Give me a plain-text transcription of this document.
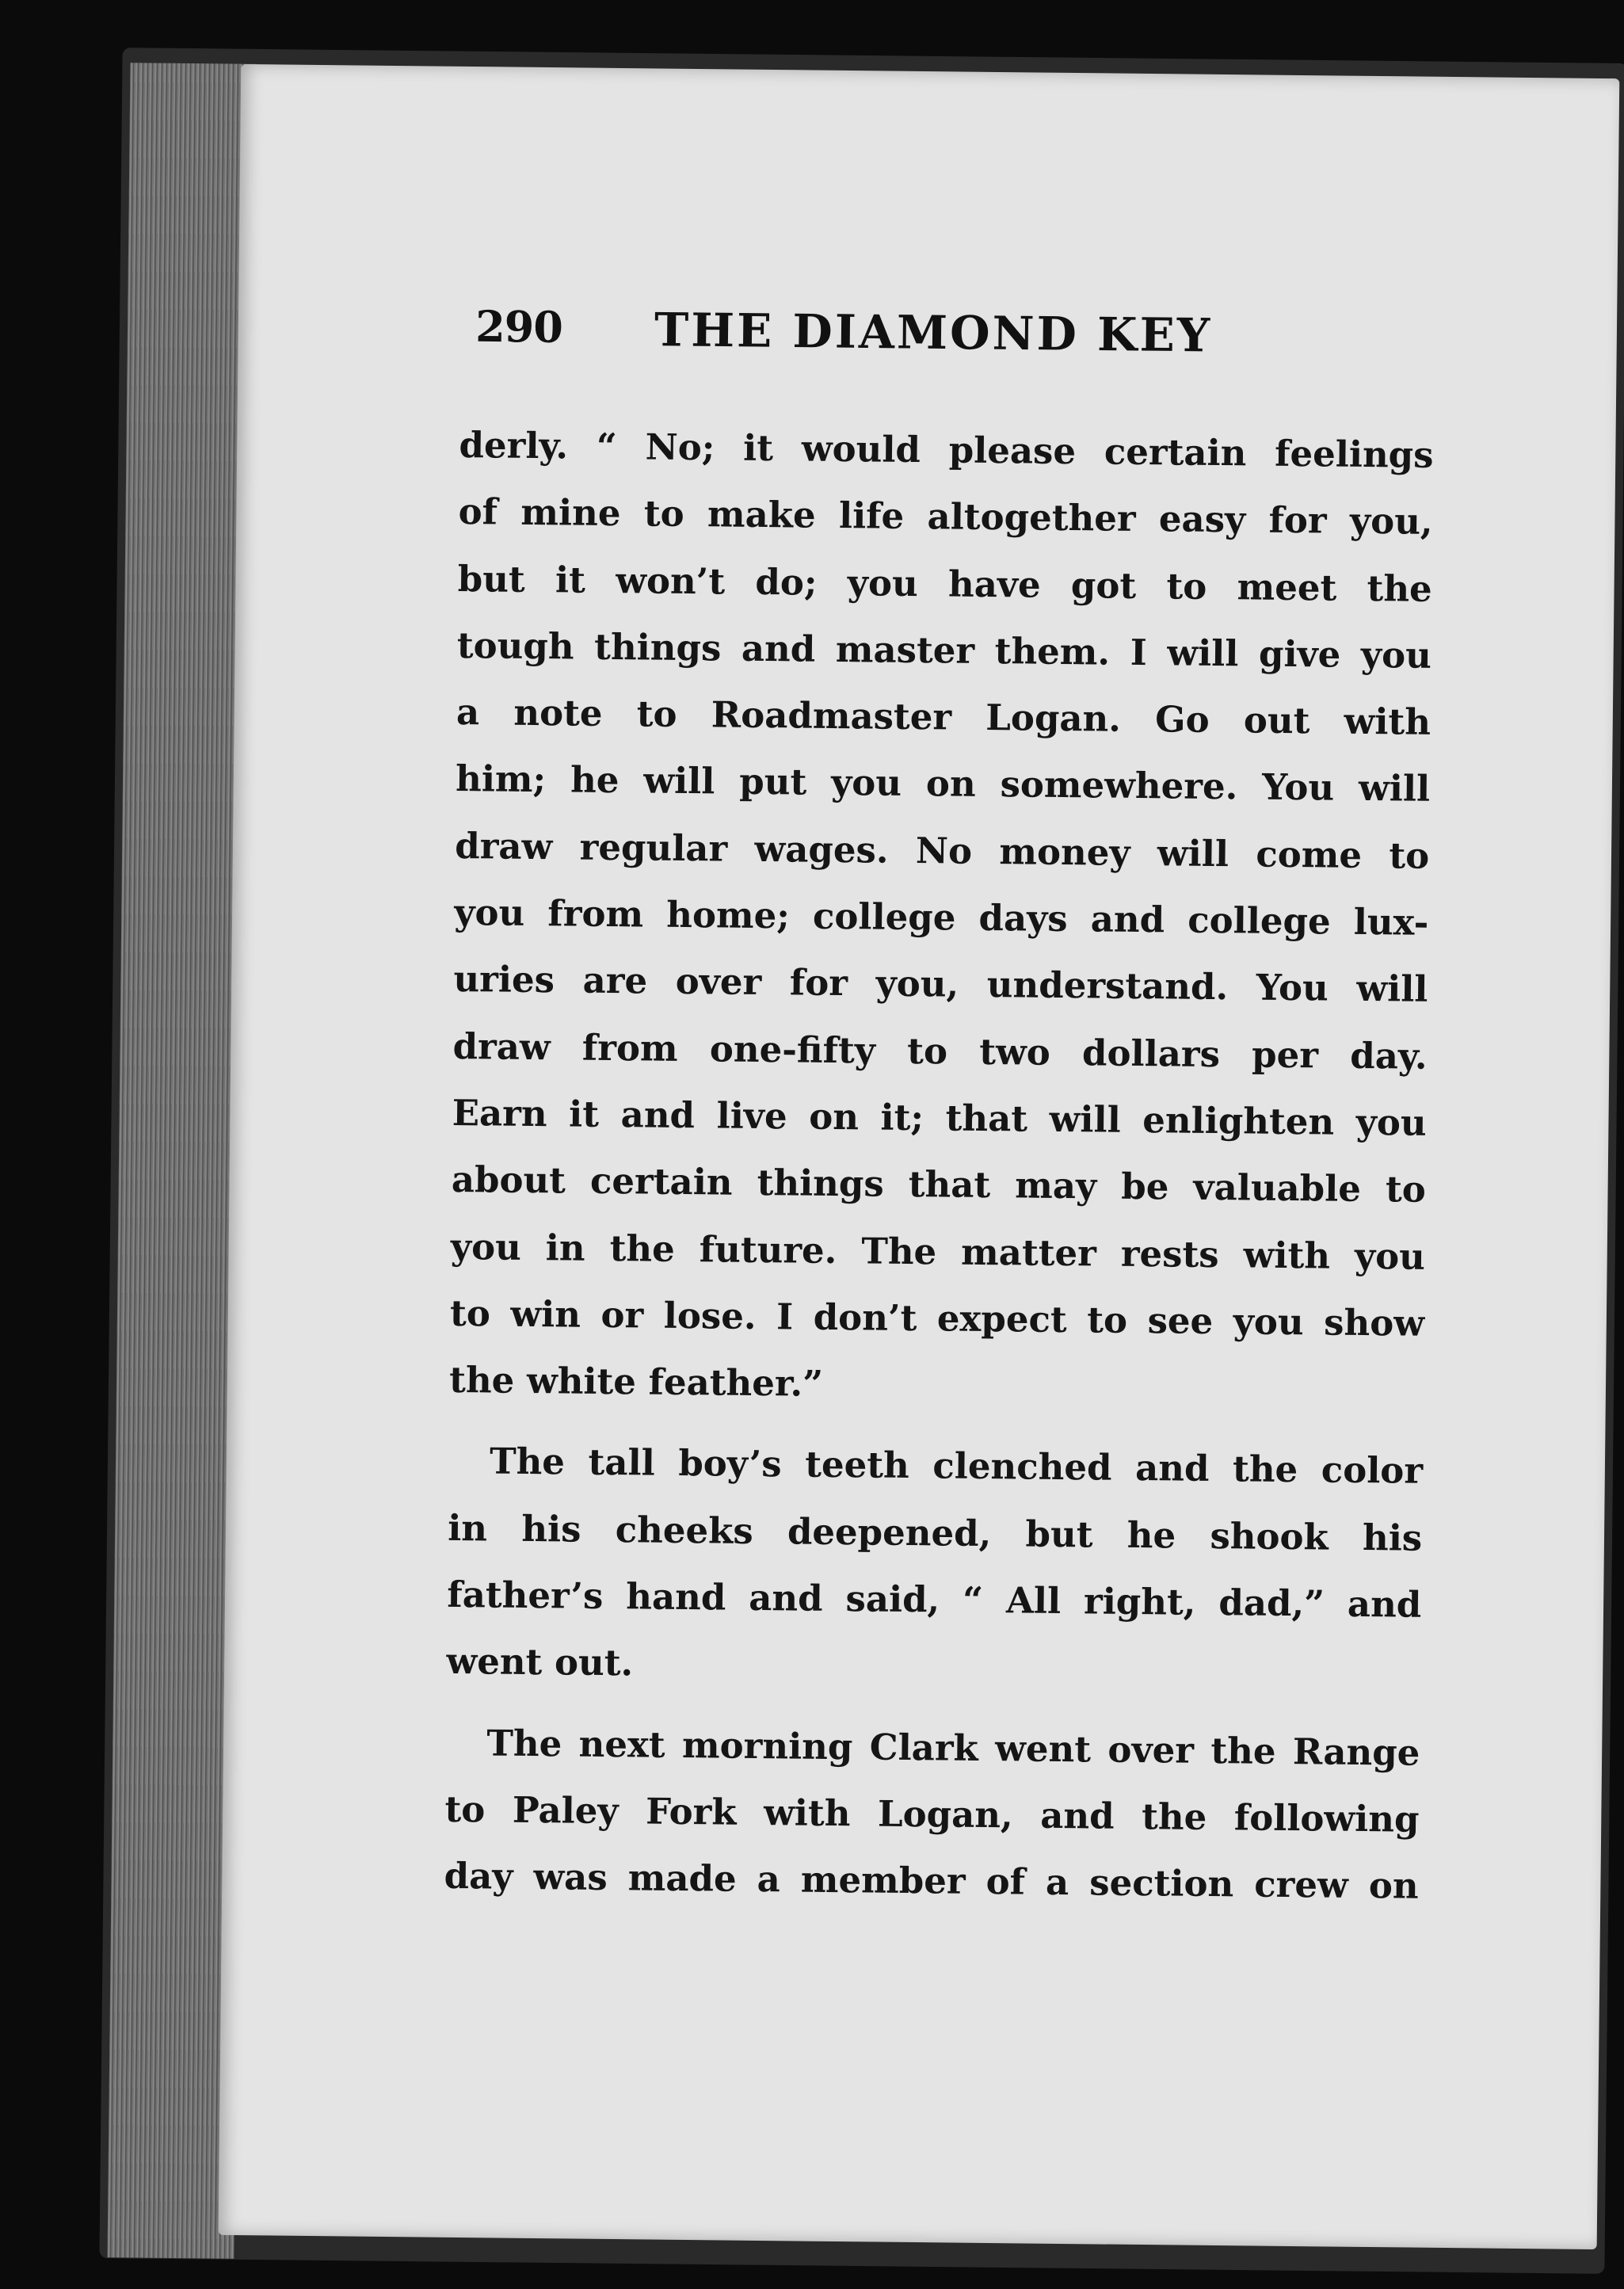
290 THE DIAMOND KEY
derly. “ No; it would please certain feelings
of mine to make life altogether easy for you,
but it won’t do; you have got to meet the
tough things and master them. I will give you
a note to Roadmaster Logan. Go out with
him; he will put you on somewhere. You will
draw regular wages. No money will come to
you from home; college days and college lux-
uries are over for you, understand. You will
draw from one-fifty to two dollars per day.
Earn it and live on it; that will enlighten you
about certain things that may be valuable to
you in the future. The matter rests with you
to win or lose. I don’t expect to see you show
the white feather.”
The tall boy’s teeth clenched and the color
in his cheeks deepened, but he shook his
father’s hand and said, “ All right, dad,” and
went out.
The next morning Clark went over the Range
to Paley Fork with Logan, and the following
day was made a member of a section crew on
